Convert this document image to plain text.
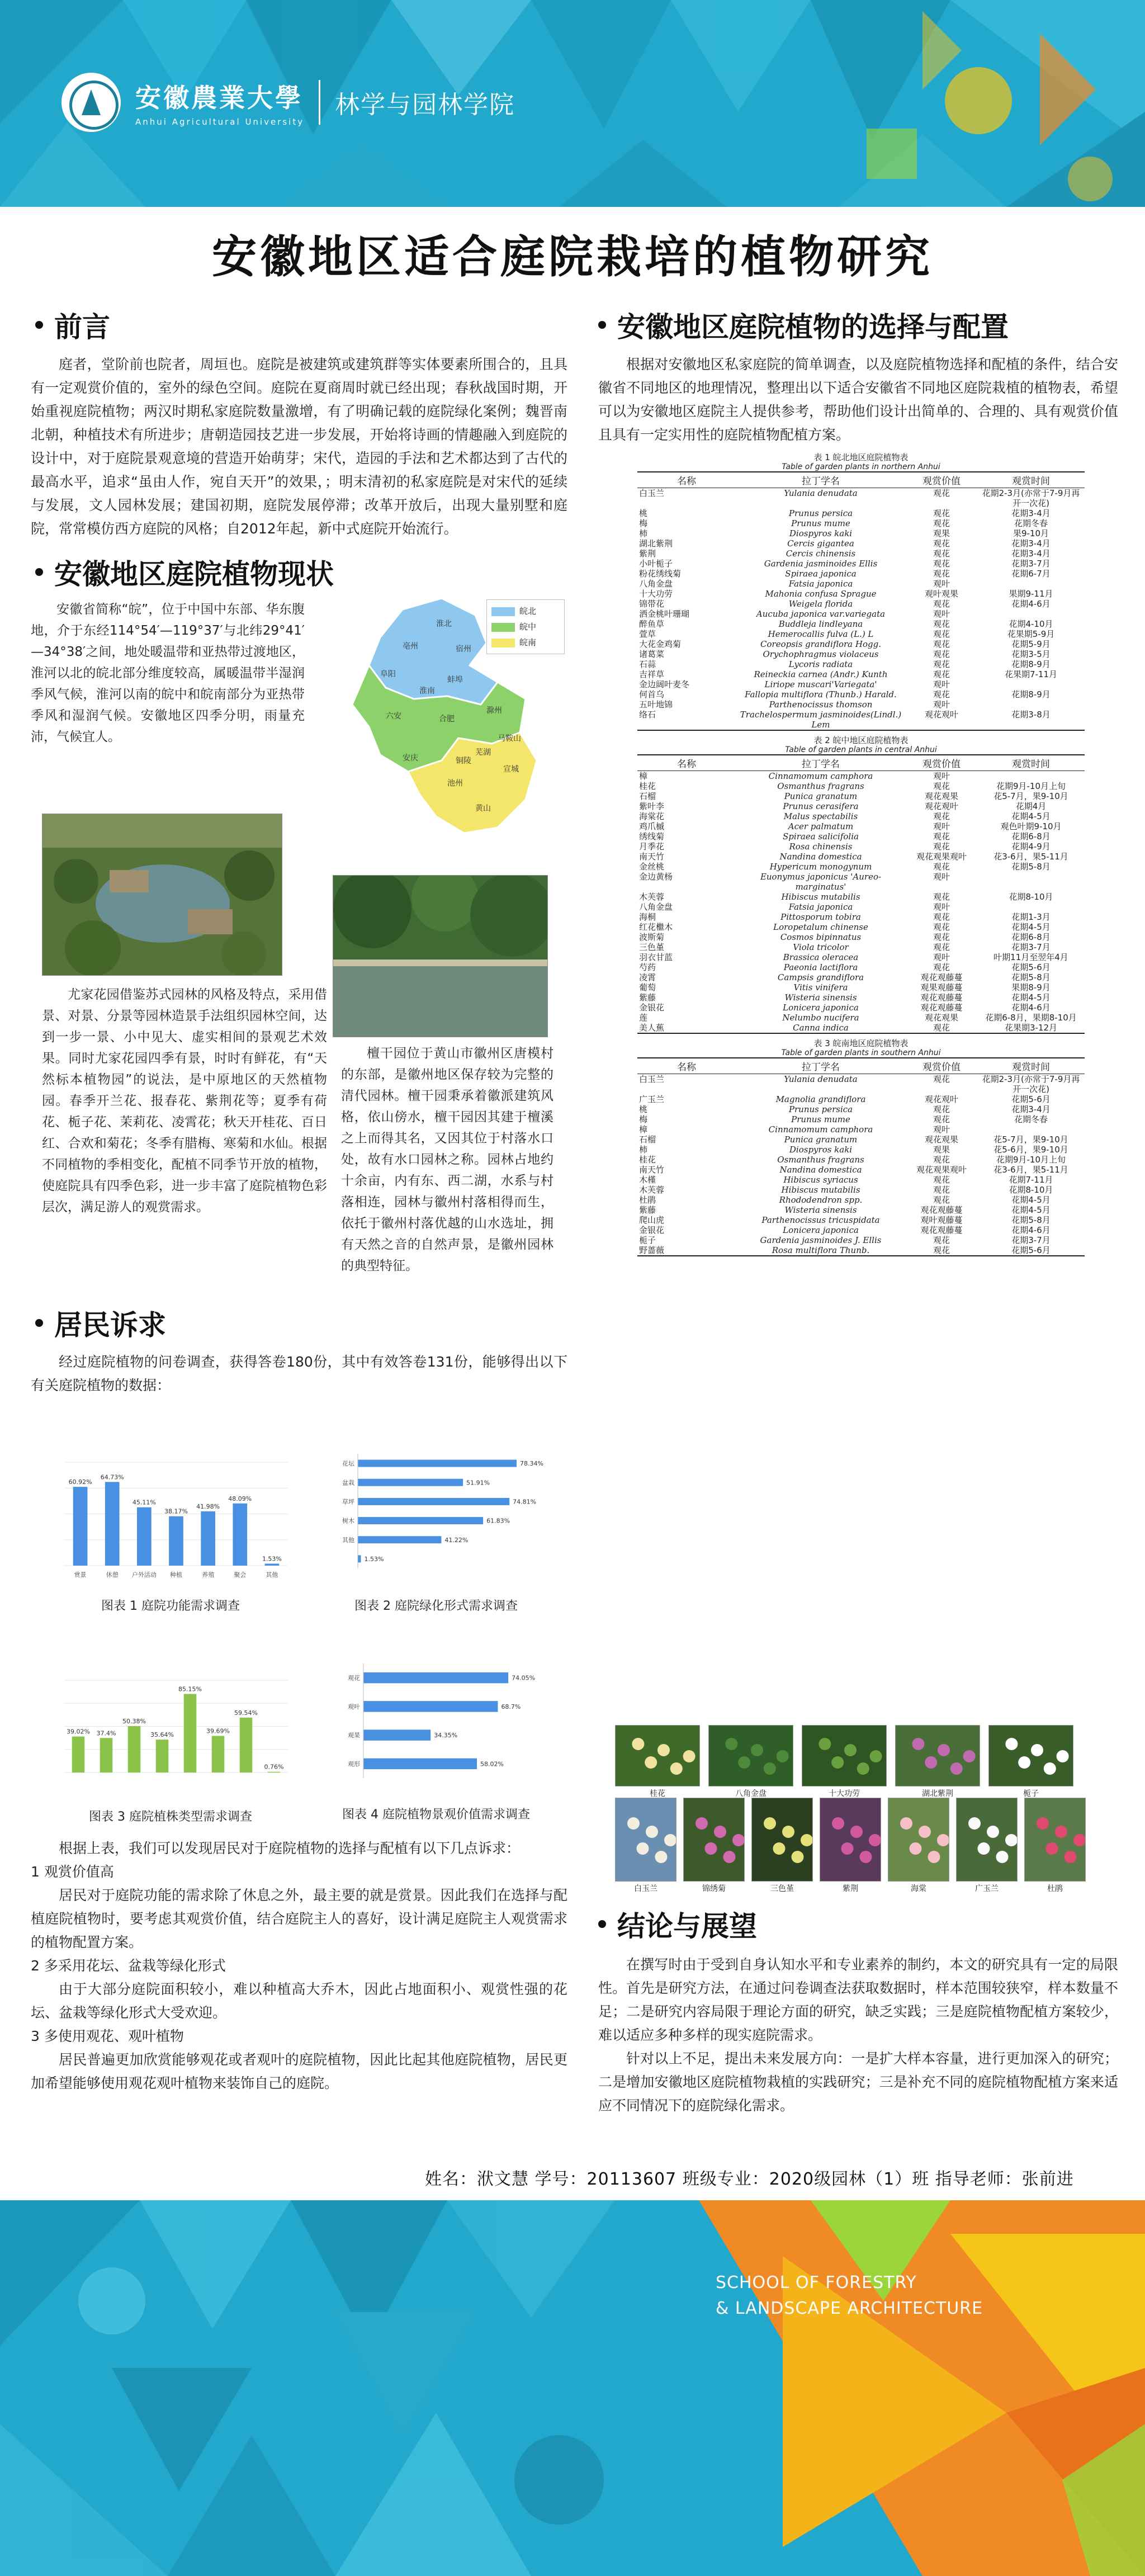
安徽農業大學
Anhui Agricultural University
林学与园林学院
安徽地区适合庭院栽培的植物研究
前言

庭者，堂阶前也院者，周垣也。庭院是被建筑或建筑群等实体要素所围合的，且具有一定观赏价值的，室外的绿色空间。庭院在夏商周时就已经出现；春秋战国时期，开始重视庭院植物；两汉时期私家庭院数量激增，有了明确记载的庭院绿化案例；魏晋南北朝，种植技术有所进步；唐朝造园技艺进一步发展，开始将诗画的情趣融入到庭院的设计中，对于庭院景观意境的营造开始萌芽；宋代，造园的手法和艺术都达到了古代的最高水平，追求“虽由人作，宛自天开”的效果，；明末清初的私家庭院是对宋代的延续与发展，文人园林发展；建国初期，庭院发展停滞；改革开放后，出现大量别墅和庭院，常常模仿西方庭院的风格；自2012年起，新中式庭院开始流行。

安徽地区庭院植物现状

安徽省简称“皖”，位于中国中东部、华东腹地，介于东经114°54′—119°37′与北纬29°41′—34°38′之间，地处暖温带和亚热带过渡地区，淮河以北的皖北部分维度较高，属暖温带半湿润季风气候，淮河以南的皖中和皖南部分为亚热带季风和湿润气候。安徽地区四季分明，雨量充沛，气候宜人。

淮北
亳州	宿州
阜阳
蚌埠
淮南
滁州
六安	合肥
马鞍山
芜湖
宣城
铜陵
池州
安庆
黄山
皖北
皖中
皖南

尤家花园借鉴苏式园林的风格及特点，采用借景、对景、分景等园林造景手法组织园林空间，达到一步一景、小中见大、虚实相间的景观艺术效果。同时尤家花园四季有景，时时有鲜花，有“天然标本植物园”的说法，是中原地区的天然植物园。春季开兰花、报春花、紫荆花等；夏季有荷花、栀子花、茉莉花、凌霄花；秋天开桂花、百日红、合欢和菊花；冬季有腊梅、寒菊和水仙。根据不同植物的季相变化，配植不同季节开放的植物，使庭院具有四季色彩，进一步丰富了庭院植物色彩层次，满足游人的观赏需求。

檀干园位于黄山市徽州区唐模村的东部，是徽州地区保存较为完整的清代园林。檀干园秉承着徽派建筑风格，依山傍水，檀干园因其建于檀溪之上而得其名，又因其位于村落水口处，故有水口园林之称。园林占地约十余亩，内有东、西二湖，水系与村落相连，园林与徽州村落相得而生，依托于徽州村落优越的山水选址，拥有天然之音的自然声景，是徽州园林的典型特征。

居民诉求

经过庭院植物的问卷调查，获得答卷180份，其中有效答卷131份，能够得出以下有关庭院植物的数据：

60.92%
赏景
64.73%
休憩
45.11%
户外活动
38.17%
种植
41.98%
养殖
48.09%
聚会
1.53%
其他
图表 1 庭院功能需求调查
78.34%
花坛
51.91%
盆栽
74.81%
草坪
61.83%
树木
41.22%
其他
1.53%
图表 2 庭院绿化形式需求调查
39.02% 37.4%
50.38%
35.64%
85.15%
39.69%
59.54%
0.76%
图表 3 庭院植株类型需求调查
74.05%
观花
68.7%
观叶
34.35%
观果
58.02%
观形
图表 4 庭院植物景观价值需求调查

根据上表，我们可以发现居民对于庭院植物的选择与配植有以下几点诉求：

1 观赏价值高

居民对于庭院功能的需求除了休息之外，最主要的就是赏景。因此我们在选择与配植庭院植物时，要考虑其观赏价值，结合庭院主人的喜好，设计满足庭院主人观赏需求的植物配置方案。

2 多采用花坛、盆栽等绿化形式

由于大部分庭院面积较小，难以种植高大乔木，因此占地面积小、观赏性强的花坛、盆栽等绿化形式大受欢迎。

3 多使用观花、观叶植物

居民普遍更加欣赏能够观花或者观叶的庭院植物，因此比起其他庭院植物，居民更加希望能够使用观花观叶植物来装饰自己的庭院。

安徽地区庭院植物的选择与配置

根据对安徽地区私家庭院的简单调查，以及庭院植物选择和配植的条件，结合安徽省不同地区的地理情况，整理出以下适合安徽省不同地区庭院栽植的植物表，希望可以为安徽地区庭院主人提供参考，帮助他们设计出简单的、合理的、具有观赏价值且具有一定实用性的庭院植物配植方案。

表 1 皖北地区庭院植物表
Table of garden plants in northern Anhui
名称	拉丁学名	观赏价值	观赏时间
白玉兰	Yulania denudata	观花	花期2-3月(亦常于7-9月再开一次花)
桃	Prunus persica	观花	花期3-4月
梅	Prunus mume	观花	花期冬春
柿	Diospyros kaki	观果	果9-10月
湖北紫荆	Cercis gigantea	观花	花期3-4月
紫荆	Cercis chinensis	观花	花期3-4月
小叶栀子	Gardenia jasminoides Ellis	观花	花期3-7月
粉花绣线菊	Spiraea japonica	观花	花期6-7月
八角金盘	Fatsia japonica	观叶	
十大功劳	Mahonia confusa Sprague	观叶观果	果期9-11月
锦带花	Weigela florida	观花	花期4-6月
洒金桃叶珊瑚	Aucuba japonica var.variegata	观叶	
醉鱼草	Buddleja lindleyana	观花	花期4-10月
萱草	Hemerocallis fulva (L.) L	观花	花果期5-9月
大花金鸡菊	Coreopsis grandiflora Hogg.	观花	花期5-9月
诸葛菜	Orychophragmus violaceus	观花	花期3-5月
石蒜	Lycoris radiata	观花	花期8-9月
吉祥草	Reineckia carnea (Andr.) Kunth	观花	花果期7-11月
金边阔叶麦冬	Liriope muscari'Variegata'	观叶	
何首乌	Fallopia multiflora (Thunb.) Harald.	观花	花期8-9月
五叶地锦	Parthenocissus thomson	观叶	
络石	Trachelospermum jasminoides(Lindl.) Lem	观花观叶	花期3-8月
表 2 皖中地区庭院植物表
Table of garden plants in central Anhui
名称	拉丁学名	观赏价值	观赏时间
樟	Cinnamomum camphora	观叶	
桂花	Osmanthus fragrans	观花	花期9月-10月上旬
石榴	Punica granatum	观花观果	花5-7月，果9-10月
紫叶李	Prunus cerasifera	观花观叶	花期4月
海棠花	Malus spectabilis	观花	花期4-5月
鸡爪槭	Acer palmatum	观叶	观色叶期9-10月
绣线菊	Spiraea salicifolia	观花	花期6-8月
月季花	Rosa chinensis	观花	花期4-9月
南天竹	Nandina domestica	观花观果观叶	花3-6月，果5-11月
金丝桃	Hypericum monogynum	观花	花期5-8月
金边黄杨	Euonymus japonicus 'Aureo-marginatus'	观叶	
木芙蓉	Hibiscus mutabilis	观花	花期8-10月
八角金盘	Fatsia japonica	观叶	
海桐	Pittosporum tobira	观花	花期1-3月
红花檵木	Loropetalum chinense	观花	花期4-5月
波斯菊	Cosmos bipinnatus	观花	花期6-8月
三色堇	Viola tricolor	观花	花期3-7月
羽衣甘蓝	Brassica oleracea	观叶	叶期11月至翌年4月
芍药	Paeonia lactiflora	观花	花期5-6月
凌霄	Campsis grandiflora	观花观藤蔓	花期5-8月
葡萄	Vitis vinifera	观果观藤蔓	果期8-9月
紫藤	Wisteria sinensis	观花观藤蔓	花期4-5月
金银花	Lonicera japonica	观花观藤蔓	花期4-6月
莲	Nelumbo nucifera	观花观果	花期6-8月，果期8-10月
美人蕉	Canna indica	观花	花果期3-12月
表 3 皖南地区庭院植物表
Table of garden plants in southern Anhui
名称	拉丁学名	观赏价值	观赏时间
白玉兰	Yulania denudata	观花	花期2-3月(亦常于7-9月再开一次花)
广玉兰	Magnolia grandiflora	观花观叶	花期5-6月
桃	Prunus persica	观花	花期3-4月
梅	Prunus mume	观花	花期冬春
樟	Cinnamomum camphora	观叶	
石榴	Punica granatum	观花观果	花5-7月，果9-10月
柿	Diospyros kaki	观果	花5-6月，果9-10月
桂花	Osmanthus fragrans	观花	花期9月-10月上旬
南天竹	Nandina domestica	观花观果观叶	花3-6月，果5-11月
木槿	Hibiscus syriacus	观花	花期7-11月
木芙蓉	Hibiscus mutabilis	观花	花期8-10月
杜鹃	Rhododendron spp.	观花	花期4-5月
紫藤	Wisteria sinensis	观花观藤蔓	花期4-5月
爬山虎	Parthenocissus tricuspidata	观叶观藤蔓	花期5-8月
金银花	Lonicera japonica	观花观藤蔓	花期4-6月
栀子	Gardenia jasminoides J. Ellis	观花	花期3-7月
野蔷薇	Rosa multiflora Thunb.	观花	花期5-6月
桂花	八角金盘	十大功劳	湖北紫荆	栀子
白玉兰	锦绣菊	三色堇	紫荆	海棠	广玉兰	杜鹃
结论与展望

在撰写时由于受到自身认知水平和专业素养的制约，本文的研究具有一定的局限性。首先是研究方法，在通过问卷调查法获取数据时，样本范围较狭窄，样本数量不足；二是研究内容局限于理论方面的研究，缺乏实践；三是庭院植物配植方案较少，难以适应多种多样的现实庭院需求。

针对以上不足，提出未来发展方向：一是扩大样本容量，进行更加深入的研究；二是增加安徽地区庭院植物栽植的实践研究；三是补充不同的庭院植物配植方案来适应不同情况下的庭院绿化需求。

姓名：洑文慧 学号：20113607 班级专业：2020级园林（1）班 指导老师：张前进
SCHOOL OF FORESTRY
& LANDSCAPE ARCHITECTURE
